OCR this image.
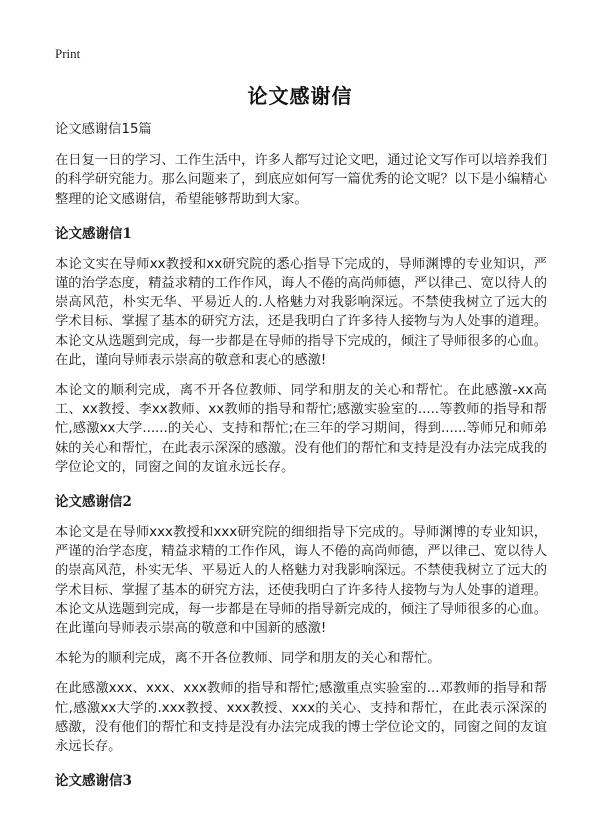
Print
论文感谢信

论文感谢信15篇

在日复一日的学习、工作生活中，许多人都写过论文吧，通过论文写作可以培养我们的科学研究能力。那么问题来了，到底应如何写一篇优秀的论文呢？以下是小编精心整理的论文感谢信，希望能够帮助到大家。

论文感谢信1

本论文实在导师xx教授和xx研究院的悉心指导下完成的，导师渊博的专业知识，严谨的治学态度，精益求精的工作作风，诲人不倦的高尚师德，严以律己、宽以待人的崇高风范，朴实无华、平易近人的.人格魅力对我影响深远。不禁使我树立了远大的学术目标、掌握了基本的研究方法，还是我明白了许多待人接物与为人处事的道理。本论文从选题到完成，每一步都是在导师的指导下完成的，倾注了导师很多的心血。在此，谨向导师表示崇高的敬意和衷心的感激!

本论文的顺利完成，离不开各位教师、同学和朋友的关心和帮忙。在此感激-xx高工、xx教授、李xx教师、xx教师的指导和帮忙;感激实验室的.....等教师的指导和帮忙,感激xx大学......的关心、支持和帮忙;在三年的学习期间，得到......等师兄和师弟妹的关心和帮忙，在此表示深深的感激。没有他们的帮忙和支持是没有办法完成我的学位论文的，同窗之间的友谊永远长存。

论文感谢信2

本论文是在导师xxx教授和xxx研究院的细细指导下完成的。导师渊博的专业知识，严谨的治学态度，精益求精的工作作风，诲人不倦的高尚师德，严以律己、宽以待人的崇高风范，朴实无华、平易近人的人格魅力对我影响深远。不禁使我树立了远大的学术目标、掌握了基本的研究方法，还使我明白了许多待人接物与为人处事的道理。本论文从选题到完成，每一步都是在导师的指导新完成的，倾注了导师很多的心血。在此谨向导师表示崇高的敬意和中国新的感激!

本轮为的顺利完成，离不开各位教师、同学和朋友的关心和帮忙。

在此感激xxx、xxx、xxx教师的指导和帮忙;感激重点实验室的...邓教师的指导和帮忙,感激xx大学的.xxx教授、xxx教授、xxx的关心、支持和帮忙，在此表示深深的感激，没有他们的帮忙和支持是没有办法完成我的博士学位论文的，同窗之间的友谊永远长存。

论文感谢信3
